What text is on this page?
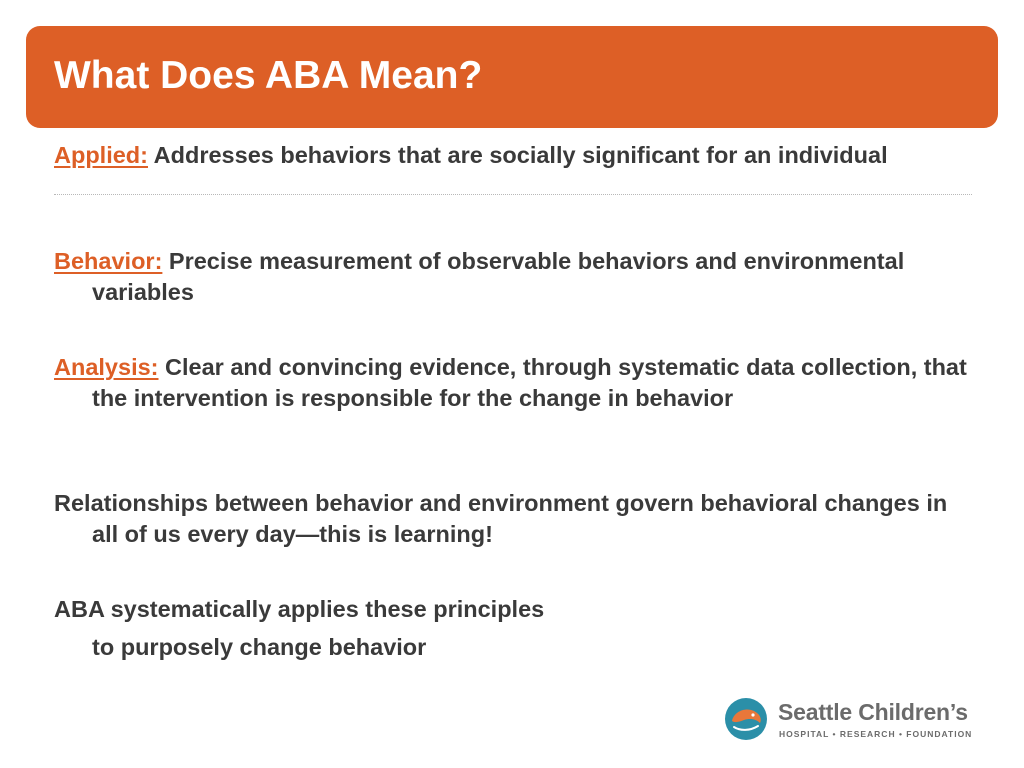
What Does ABA Mean?

Applied: Addresses behaviors that are socially significant for an individual

Behavior: Precise measurement of observable behaviors and environmental variables

Analysis: Clear and convincing evidence, through systematic data collection, that the intervention is responsible for the change in behavior

Relationships between behavior and environment govern behavioral changes in all of us every day—this is learning!

ABA systematically applies these principles

to purposely change behavior

Seattle Children’s
HOSPITAL • RESEARCH • FOUNDATION
